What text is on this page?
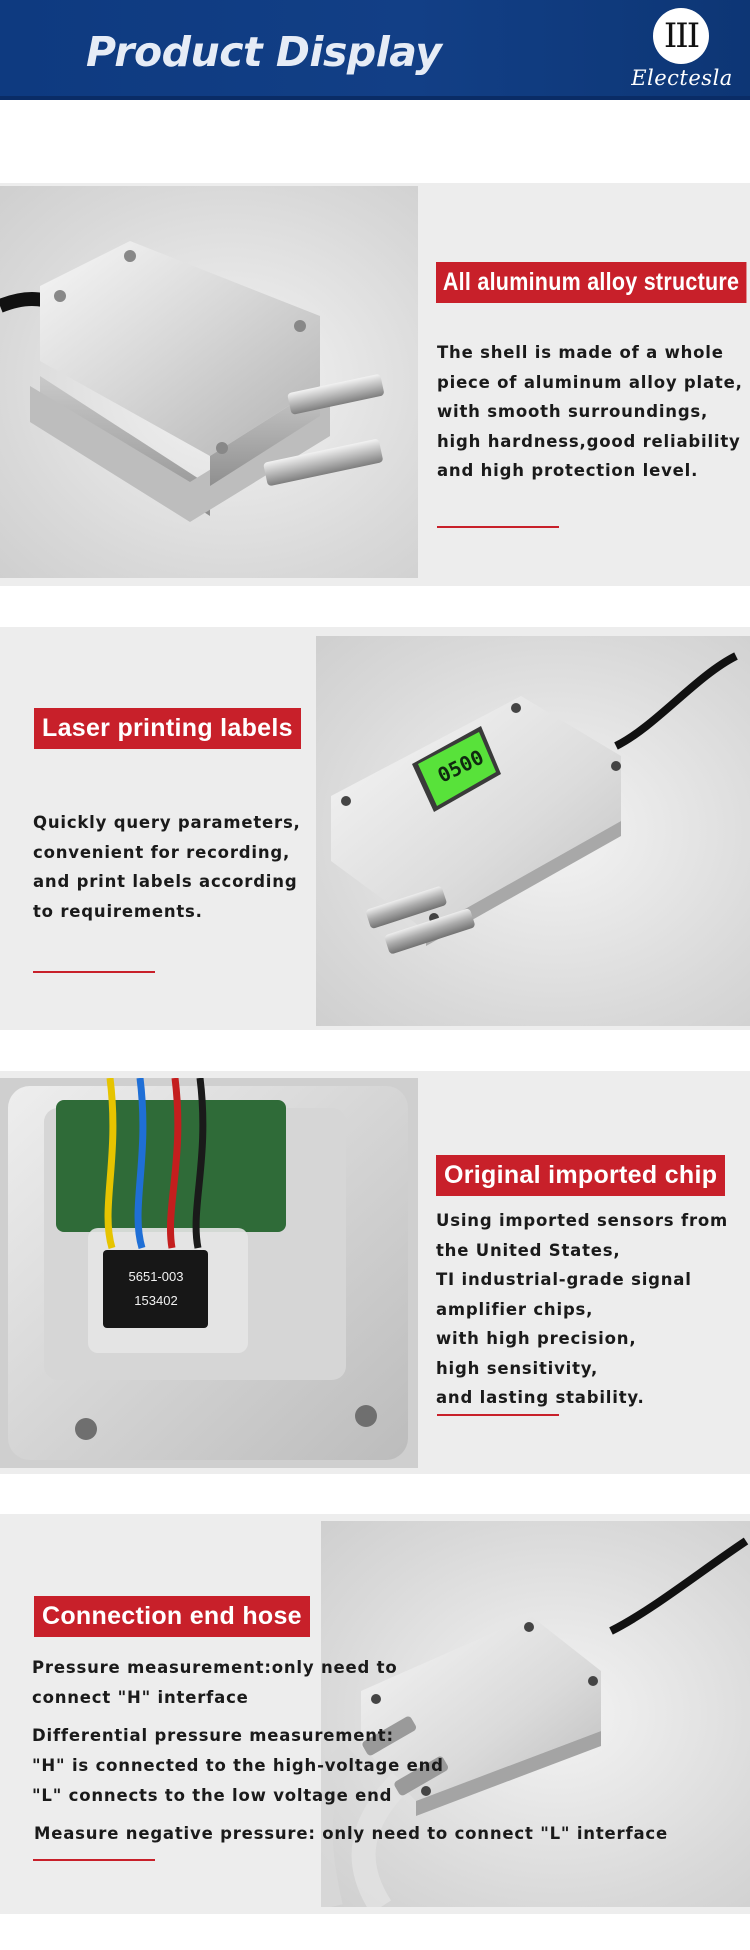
Product Display	III
Electesla
All aluminum alloy structure

The shell is made of a whole

piece of aluminum alloy plate,

with smooth surroundings,

high hardness,good reliability

and high protection level.

0500
Laser printing labels

Quickly query parameters,

convenient for recording,

and print labels according

to requirements.

5651-003
153402
Original imported chip

Using imported sensors from

the United States,

TI industrial-grade signal

amplifier chips,

with high precision,

high sensitivity,

and lasting stability.

Connection end hose

Pressure measurement:only need to

connect "H" interface

Differential pressure measurement:

"H" is connected to the high-voltage end

"L" connects to the low voltage end

Measure negative pressure: only need to connect "L" interface
